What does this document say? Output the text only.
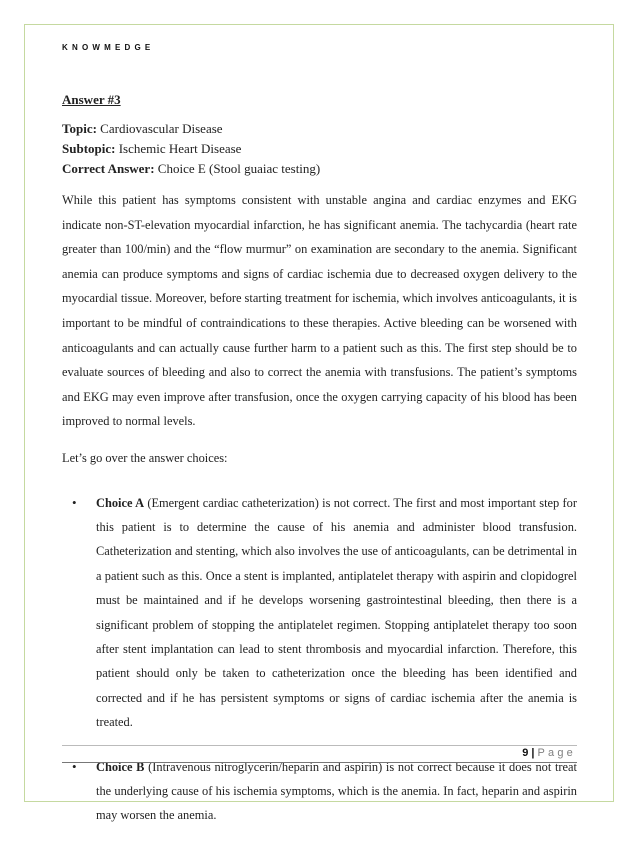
KNOWMEDGE

Answer #3

Topic: Cardiovascular Disease

Subtopic: Ischemic Heart Disease

Correct Answer: Choice E (Stool guaiac testing)

While this patient has symptoms consistent with unstable angina and cardiac enzymes and EKG indicate non-ST-elevation myocardial infarction, he has significant anemia. The tachycardia (heart rate greater than 100/min) and the “flow murmur” on examination are secondary to the anemia. Significant anemia can produce symptoms and signs of cardiac ischemia due to decreased oxygen delivery to the myocardial tissue. Moreover, before starting treatment for ischemia, which involves anticoagulants, it is important to be mindful of contraindications to these therapies. Active bleeding can be worsened with anticoagulants and can actually cause further harm to a patient such as this. The first step should be to evaluate sources of bleeding and also to correct the anemia with transfusions. The patient’s symptoms and EKG may even improve after transfusion, once the oxygen carrying capacity of his blood has been improved to normal levels.

Let’s go over the answer choices:

• Choice A (Emergent cardiac catheterization) is not correct. The first and most important step for this patient is to determine the cause of his anemia and administer blood transfusion. Catheterization and stenting, which also involves the use of anticoagulants, can be detrimental in a patient such as this. Once a stent is implanted, antiplatelet therapy with aspirin and clopidogrel must be maintained and if he develops worsening gastrointestinal bleeding, then there is a significant problem of stopping the antiplatelet regimen. Stopping antiplatelet therapy too soon after stent implantation can lead to stent thrombosis and myocardial infarction. Therefore, this patient should only be taken to catheterization once the bleeding has been identified and corrected and if he has persistent symptoms or signs of cardiac ischemia after the anemia is treated.
• Choice B (Intravenous nitroglycerin/heparin and aspirin) is not correct because it does not treat the underlying cause of his ischemia symptoms, which is the anemia. In fact, heparin and aspirin may worsen the anemia.
9 | Page
